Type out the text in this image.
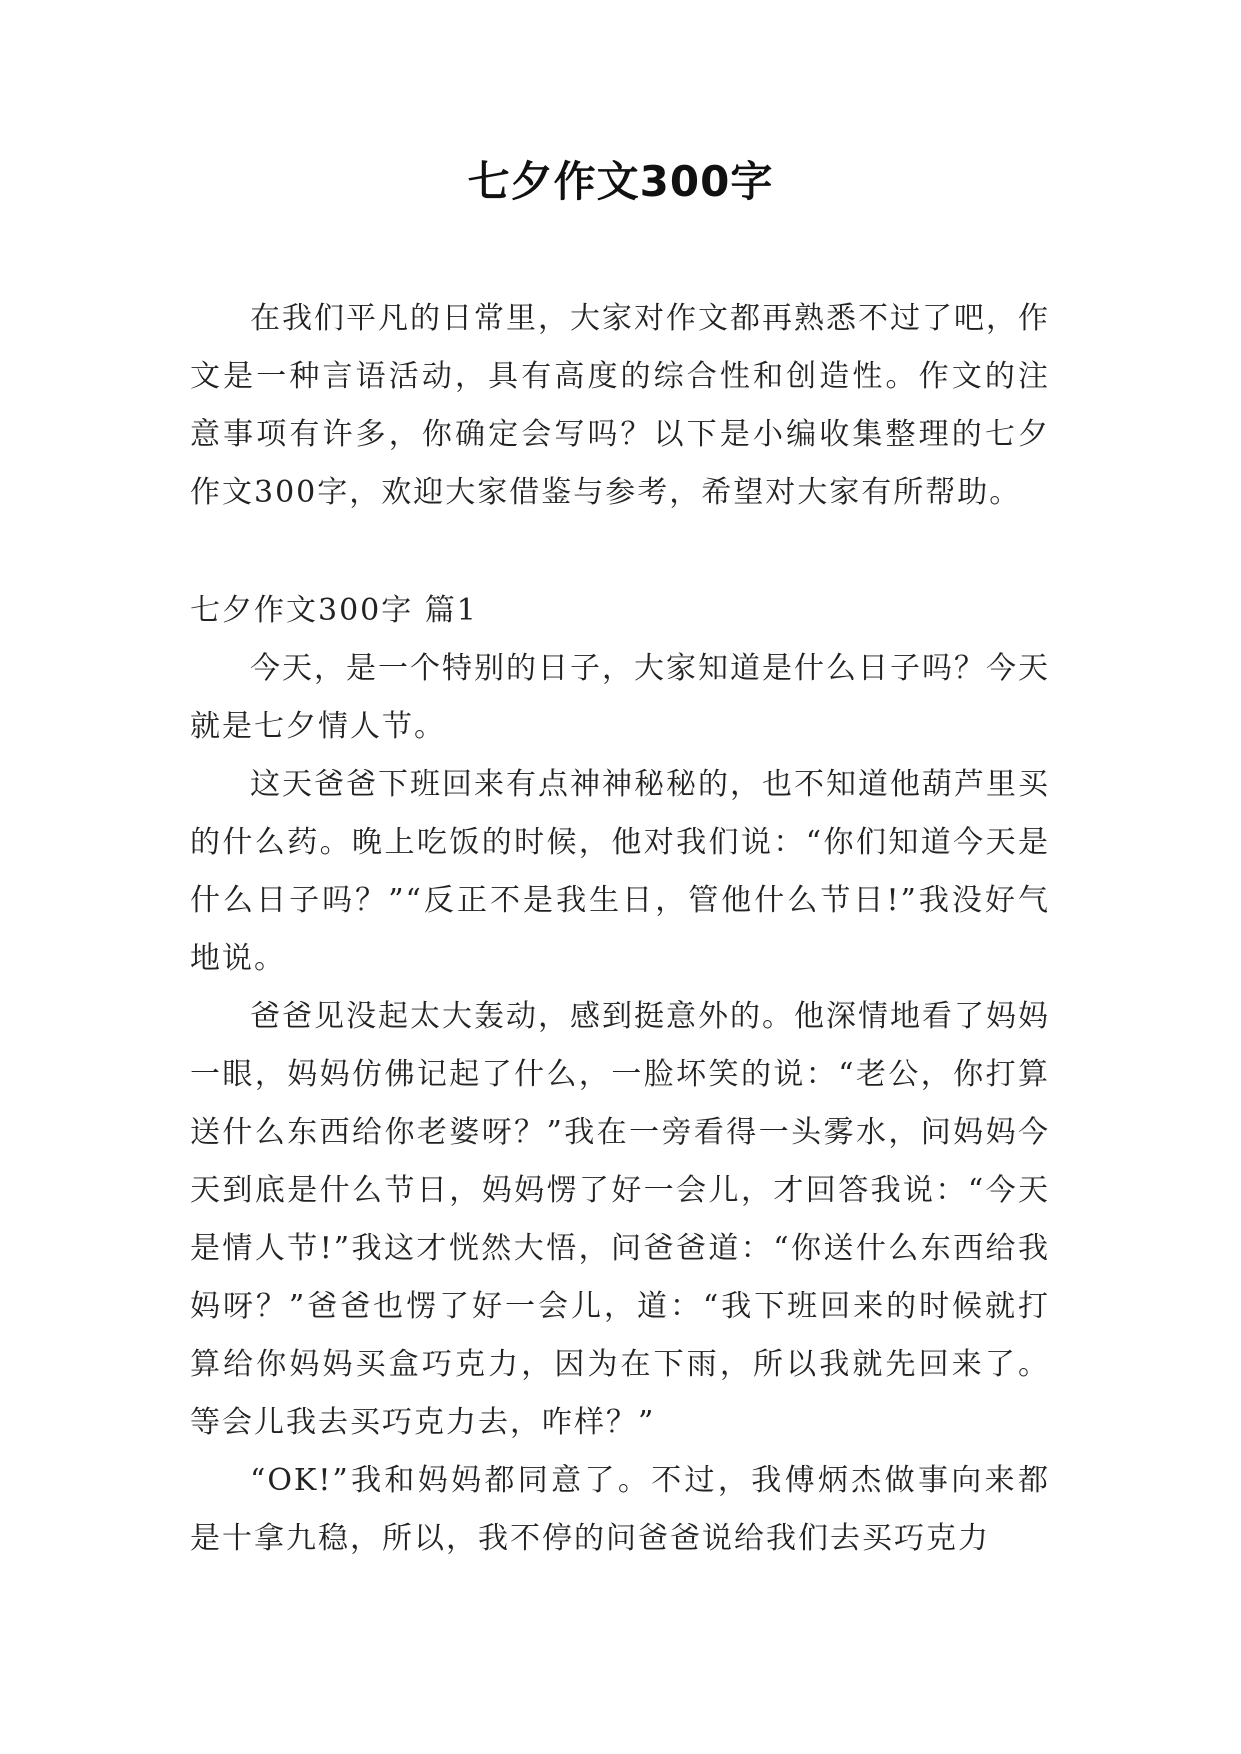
七夕作文300字

在我们平凡的日常里，大家对作文都再熟悉不过了吧，作文是一种言语活动，具有高度的综合性和创造性。作文的注意事项有许多，你确定会写吗？以下是小编收集整理的七夕作文300字，欢迎大家借鉴与参考，希望对大家有所帮助。

七夕作文300字 篇1

今天，是一个特别的日子，大家知道是什么日子吗？今天就是七夕情人节。

这天爸爸下班回来有点神神秘秘的，也不知道他葫芦里买的什么药。晚上吃饭的时候，他对我们说：“你们知道今天是什么日子吗？”“反正不是我生日，管他什么节日!”我没好气地说。

爸爸见没起太大轰动，感到挺意外的。他深情地看了妈妈一眼，妈妈仿佛记起了什么，一脸坏笑的说：“老公，你打算送什么东西给你老婆呀？”我在一旁看得一头雾水，问妈妈今天到底是什么节日，妈妈愣了好一会儿，才回答我说：“今天是情人节!”我这才恍然大悟，问爸爸道：“你送什么东西给我妈呀？”爸爸也愣了好一会儿，道：“我下班回来的时候就打算给你妈妈买盒巧克力，因为在下雨，所以我就先回来了。等会儿我去买巧克力去，咋样？”

“OK!”我和妈妈都同意了。不过，我傅炳杰做事向来都是十拿九稳，所以，我不停的问爸爸说给我们去买巧克力
